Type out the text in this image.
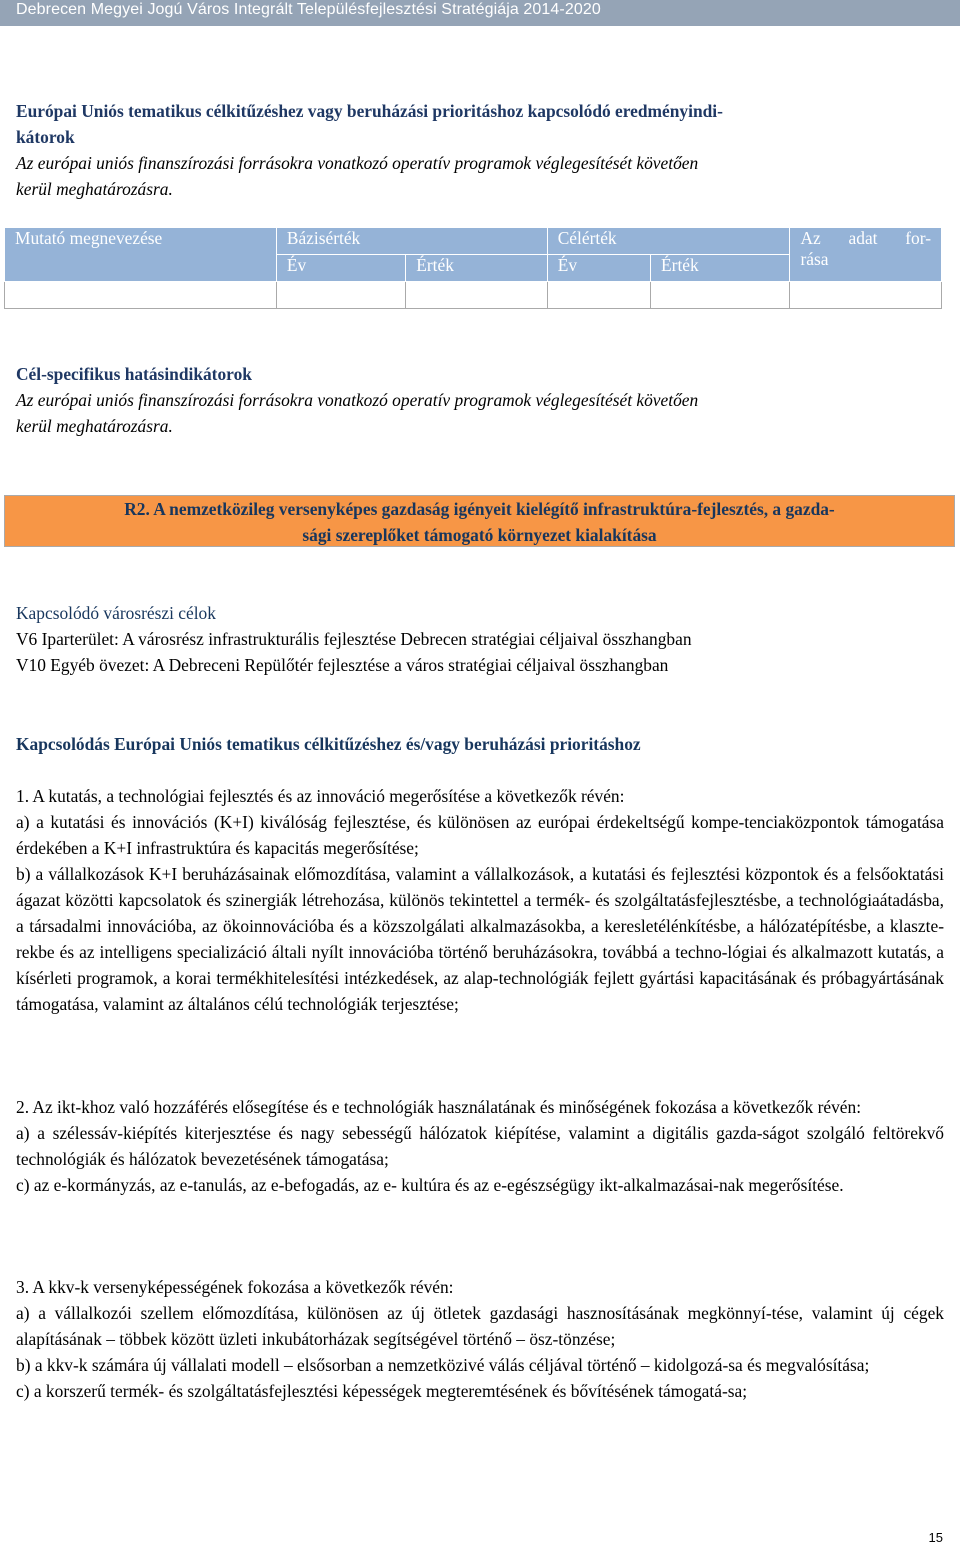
Debrecen Megyei Jogú Város Integrált Településfejlesztési Stratégiája 2014-2020
Európai Uniós tematikus célkitűzéshez vagy beruházási prioritáshoz kapcsolódó eredményindi-
kátorok
Az európai uniós finanszírozási forrásokra vonatkozó operatív programok véglegesítését követően
kerül meghatározásra.
Mutató megnevezése	Bázisérték		Célérték		Az adat for-
rása

	Év	Érték	Év	Érték	

Cél-specifikus hatásindikátorok
Az európai uniós finanszírozási forrásokra vonatkozó operatív programok véglegesítését követően
kerül meghatározásra.
R2. A nemzetközileg versenyképes gazdaság igényeit kielégítő infrastruktúra-fejlesztés, a gazda-
sági szereplőket támogató környezet kialakítása
Kapcsolódó városrészi célok
V6 Iparterület: A városrész infrastrukturális fejlesztése Debrecen stratégiai céljaival összhangban
V10 Egyéb övezet: A Debreceni Repülőtér fejlesztése a város stratégiai céljaival összhangban
Kapcsolódás Európai Uniós tematikus célkitűzéshez és/vagy beruházási prioritáshoz
1. A kutatás, a technológiai fejlesztés és az innováció megerősítése a következők révén:
a) a kutatási és innovációs (K+I) kiválóság fejlesztése, és különösen az európai érdekeltségű kompe-tenciaközpontok támogatása érdekében a K+I infrastruktúra és kapacitás megerősítése;
b) a vállalkozások K+I beruházásainak előmozdítása, valamint a vállalkozások, a kutatási és fejlesztési központok és a felsőoktatási ágazat közötti kapcsolatok és szinergiák létrehozása, különös tekintettel a termék- és szolgáltatásfejlesztésbe, a technológiaátadásba, a társadalmi innovációba, az ökoinnovációba és a közszolgálati alkalmazásokba, a keresletélénkítésbe, a hálózatépítésbe, a klaszte-rekbe és az intelligens specializáció általi nyílt innovációba történő beruházásokra, továbbá a techno-lógiai és alkalmazott kutatás, a kísérleti programok, a korai termékhitelesítési intézkedések, az alap-technológiák fejlett gyártási kapacitásának és próbagyártásának támogatása, valamint az általános célú technológiák terjesztése;
2. Az ikt-khoz való hozzáférés elősegítése és e technológiák használatának és minőségének fokozása a következők révén:
a) a szélessáv-kiépítés kiterjesztése és nagy sebességű hálózatok kiépítése, valamint a digitális gazda-ságot szolgáló feltörekvő technológiák és hálózatok bevezetésének támogatása;
c) az e-kormányzás, az e-tanulás, az e-befogadás, az e- kultúra és az e-egészségügy ikt-alkalmazásai-nak megerősítése.
3. A kkv-k versenyképességének fokozása a következők révén:
a) a vállalkozói szellem előmozdítása, különösen az új ötletek gazdasági hasznosításának megkönnyí-tése, valamint új cégek alapításának – többek között üzleti inkubátorházak segítségével történő – ösz-tönzése;
b) a kkv-k számára új vállalati modell – elsősorban a nemzetközivé válás céljával történő – kidolgozá-sa és megvalósítása;
c) a korszerű termék- és szolgáltatásfejlesztési képességek megteremtésének és bővítésének támogatá-sa;
15
